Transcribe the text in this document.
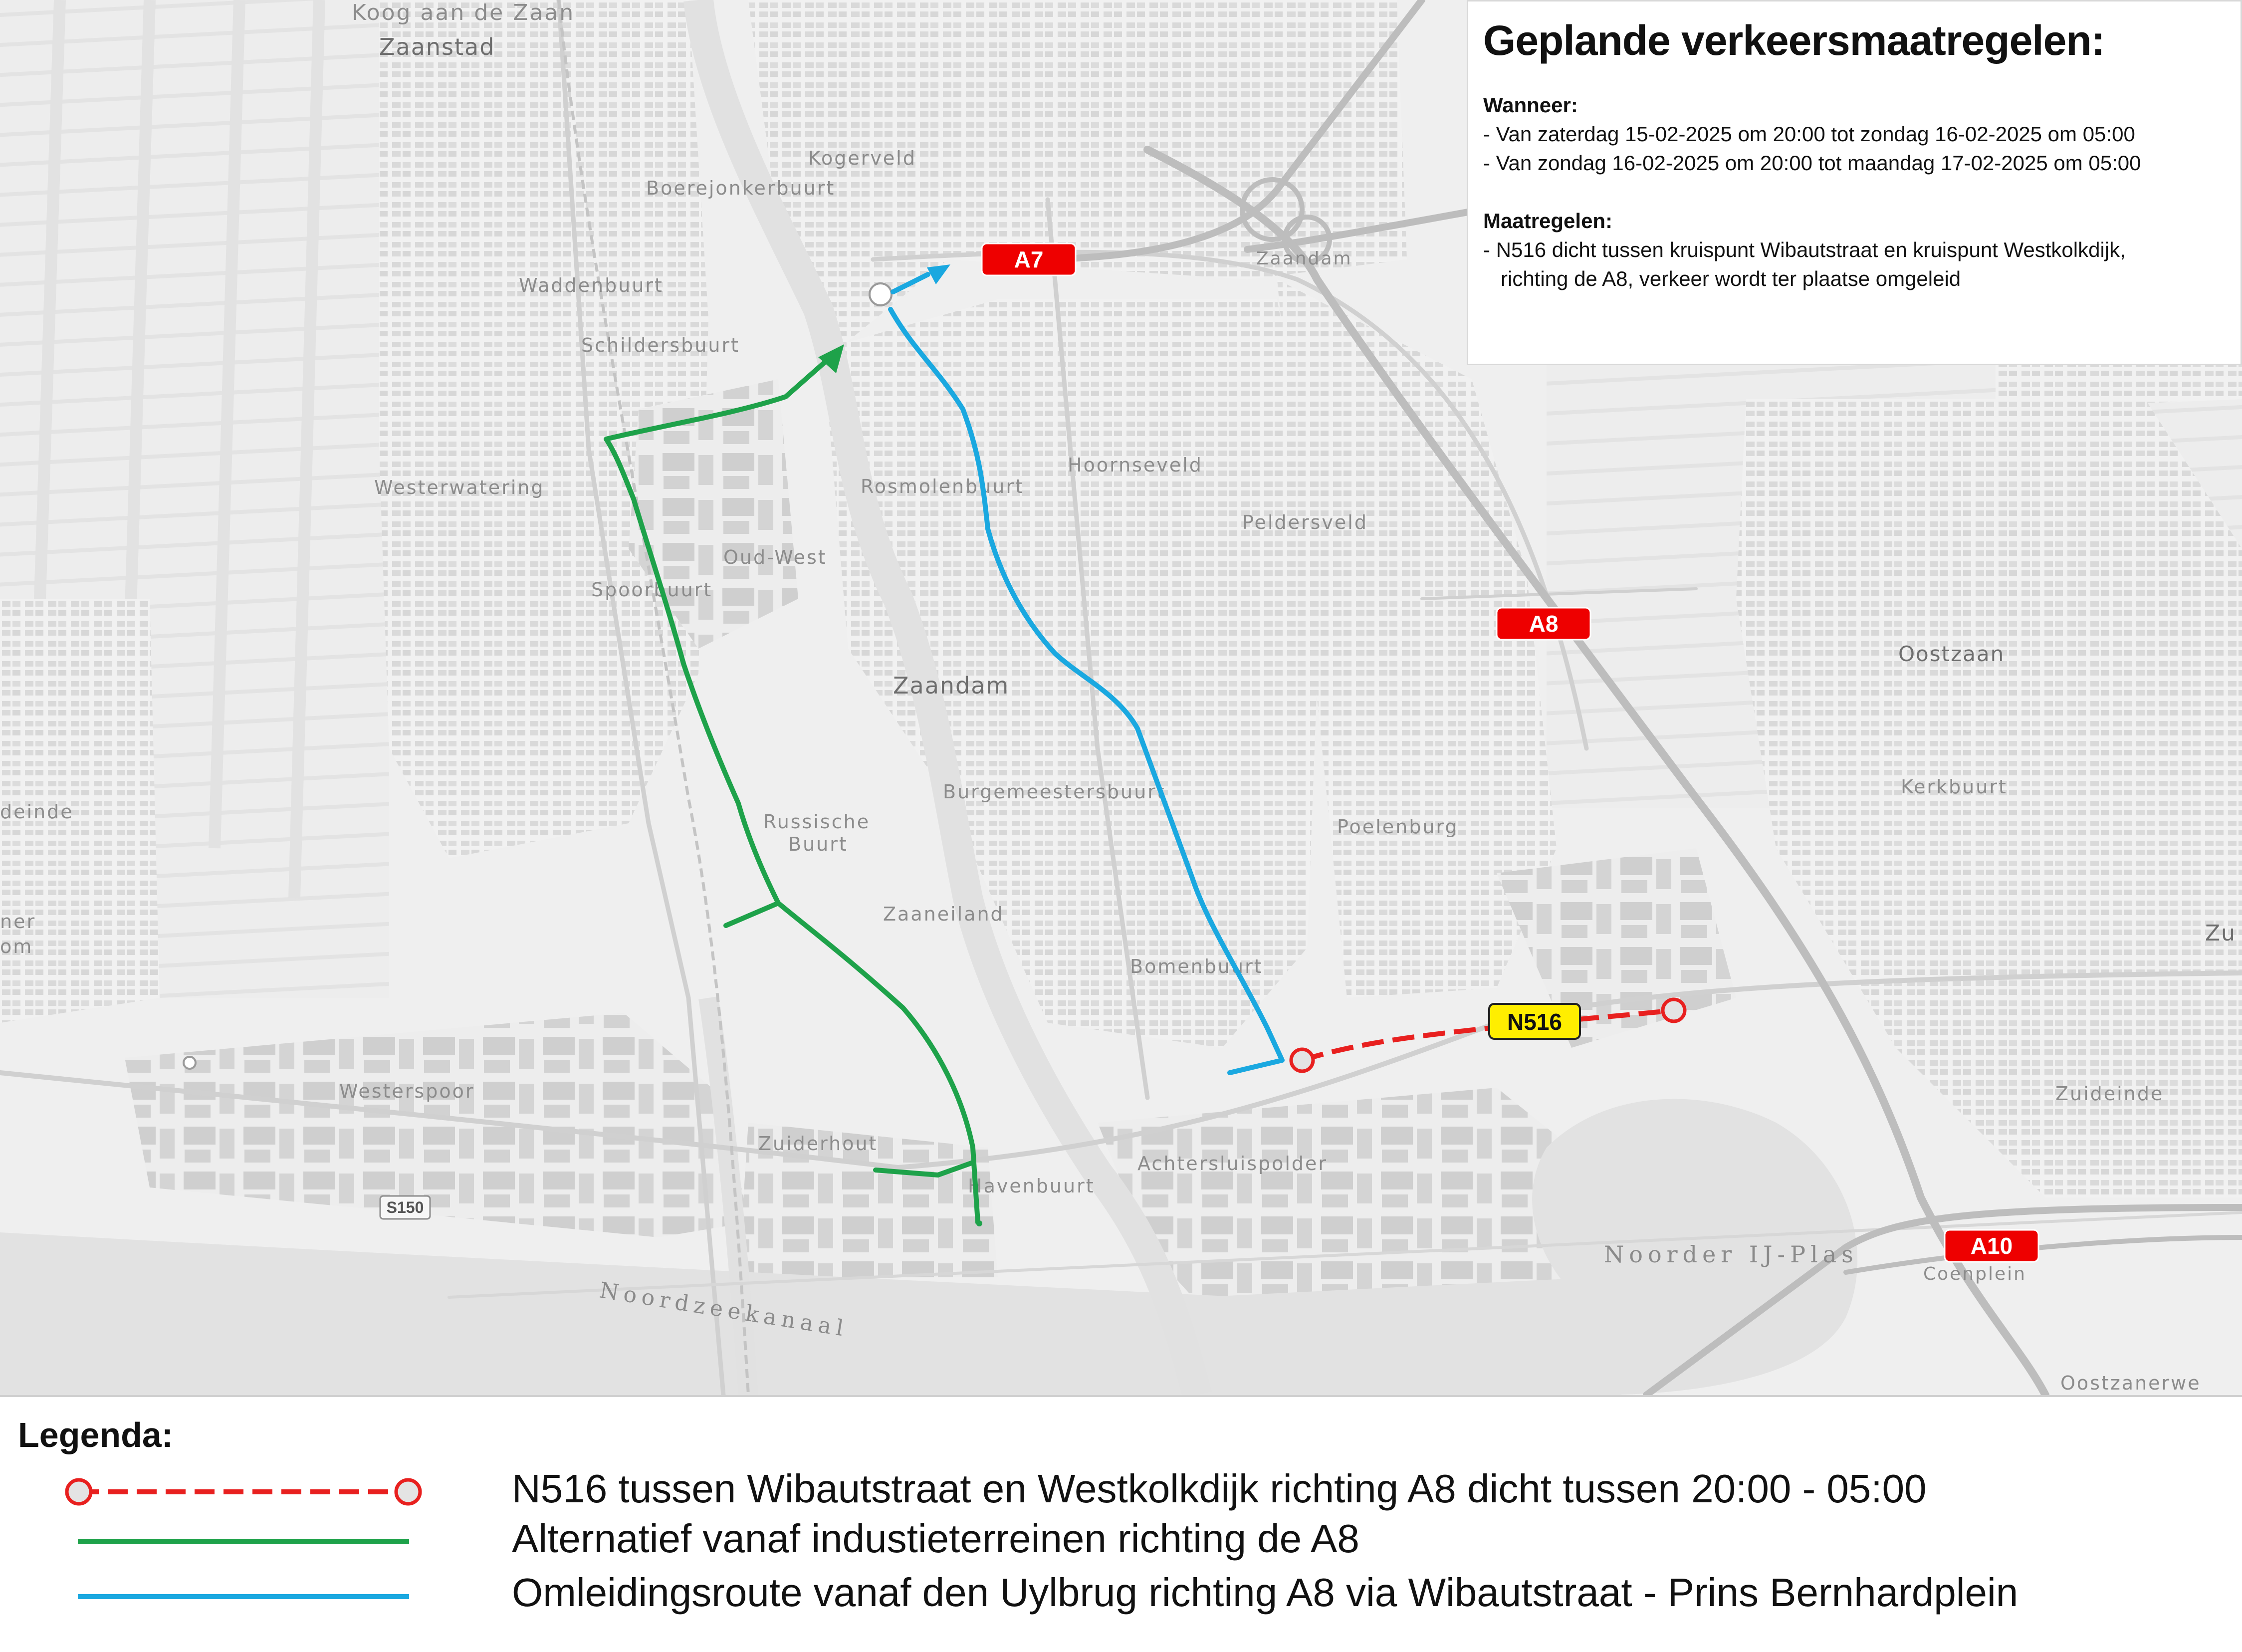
Koog aan de Zaan
Zaanstad
Kogerveld
Boerejonkerbuurt
Waddenbuurt
Schildersbuurt
Zaandam
Hoornseveld
Westerwatering	Rosmolenbuurt
Peldersveld
Oud-West
Spoorbuurt
Zaandam
Oostzaan
Burgemeestersbuurt	Kerkbuurt
deinde	Russische
Buurt
Poelenburg
Zaaneiland
ner
om
Zu
Bomenbuurt
Westerspoor	Zuideinde
Zuiderhout
Achtersluispolder
Havenbuurt
Coenplein
Oostzanerwe
Noorder IJ-Plas
Noordzeekanaal
S150
A7
A8
A10
N516

Geplande verkeersmaatregelen:

Wanneer:

- Van zaterdag 15-02-2025 om 20:00 tot zondag 16-02-2025 om 05:00

- Van zondag 16-02-2025 om 20:00 tot maandag 17-02-2025 om 05:00

Maatregelen:

- N516 dicht tussen kruispunt Wibautstraat en kruispunt Westkolkdijk,

richting de A8, verkeer wordt ter plaatse omgeleid

Legenda:

N516 tussen Wibautstraat en Westkolkdijk richting A8 dicht tussen 20:00 - 05:00
Alternatief vanaf industieterreinen richting de A8
Omleidingsroute vanaf den Uylbrug richting A8 via Wibautstraat - Prins Bernhardplein
